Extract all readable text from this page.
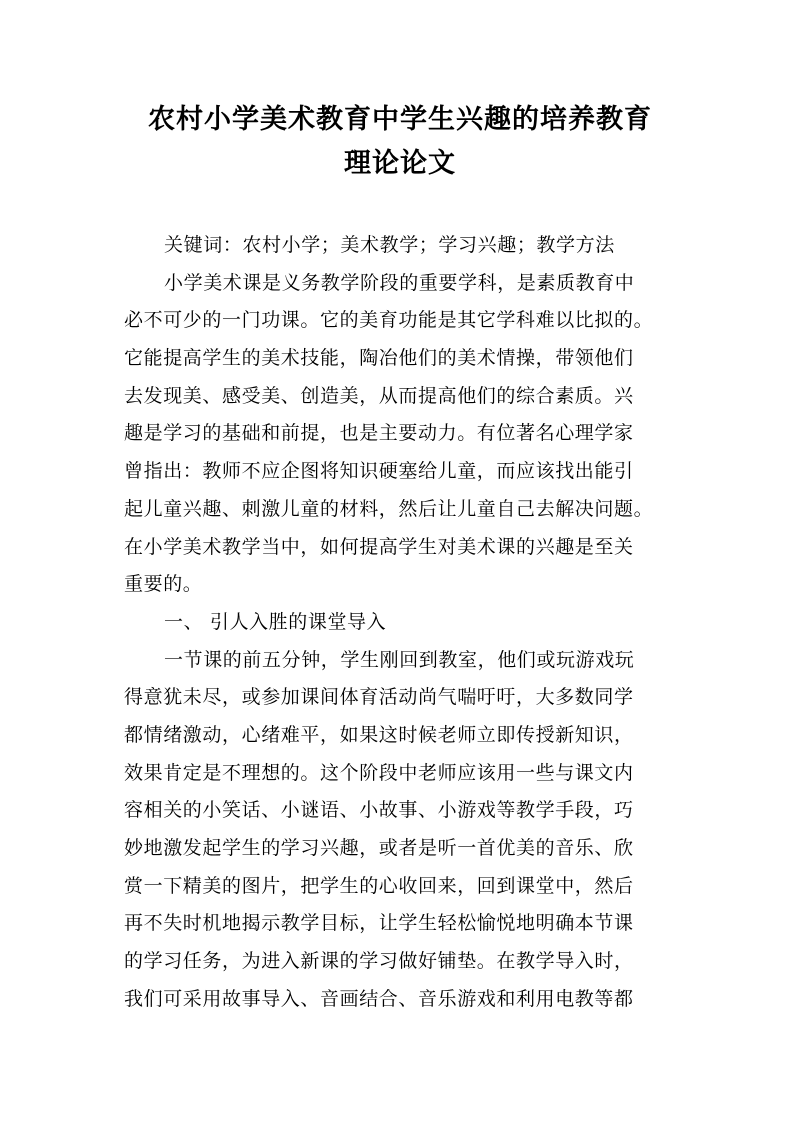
农村小学美术教育中学生兴趣的培养教育
理论论文
关键词：农村小学；美术教学；学习兴趣；教学方法
小学美术课是义务教学阶段的重要学科，是素质教育中
必不可少的一门功课。它的美育功能是其它学科难以比拟的。
它能提高学生的美术技能，陶冶他们的美术情操，带领他们
去发现美、感受美、创造美，从而提高他们的综合素质。兴
趣是学习的基础和前提，也是主要动力。有位著名心理学家
曾指出：教师不应企图将知识硬塞给儿童，而应该找出能引
起儿童兴趣、刺激儿童的材料，然后让儿童自己去解决问题。
在小学美术教学当中，如何提高学生对美术课的兴趣是至关
重要的。
一、 引人入胜的课堂导入
一节课的前五分钟，学生刚回到教室，他们或玩游戏玩
得意犹未尽，或参加课间体育活动尚气喘吁吁，大多数同学
都情绪激动，心绪难平，如果这时候老师立即传授新知识，
效果肯定是不理想的。这个阶段中老师应该用一些与课文内
容相关的小笑话、小谜语、小故事、小游戏等教学手段，巧
妙地激发起学生的学习兴趣，或者是听一首优美的音乐、欣
赏一下精美的图片，把学生的心收回来，回到课堂中，然后
再不失时机地揭示教学目标，让学生轻松愉悦地明确本节课
的学习任务，为进入新课的学习做好铺垫。在教学导入时，
我们可采用故事导入、音画结合、音乐游戏和利用电教等都
